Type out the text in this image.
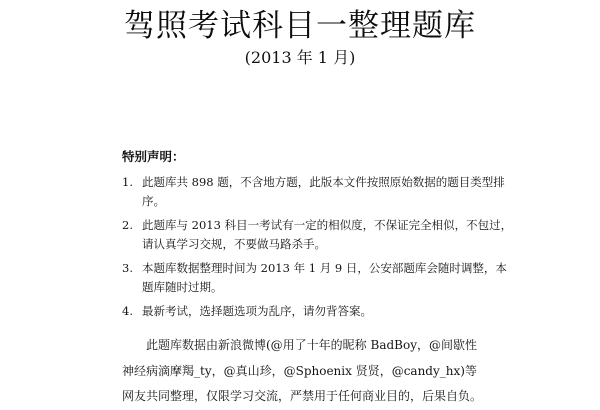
驾照考试科目一整理题库
(2013 年 1 月)
特别声明：
1. 此题库共 898 题，不含地方题，此版本文件按照原始数据的题目类型排序。
2. 此题库与 2013 科目一考试有一定的相似度，不保证完全相似，不包过，请认真学习交规，不要做马路杀手。
3. 本题库数据整理时间为 2013 年 1 月 9 日，公安部题库会随时调整，本题库随时过期。
4. 最新考试，选择题选项为乱序，请勿背答案。

此题库数据由新浪微博(@用了十年的昵称 BadBoy，@间歇性神经病滴摩羯_ty，@真山珍，@Sphoenix 贤贤，@candy_hx)等网友共同整理，仅限学习交流，严禁用于任何商业目的，后果自负。
